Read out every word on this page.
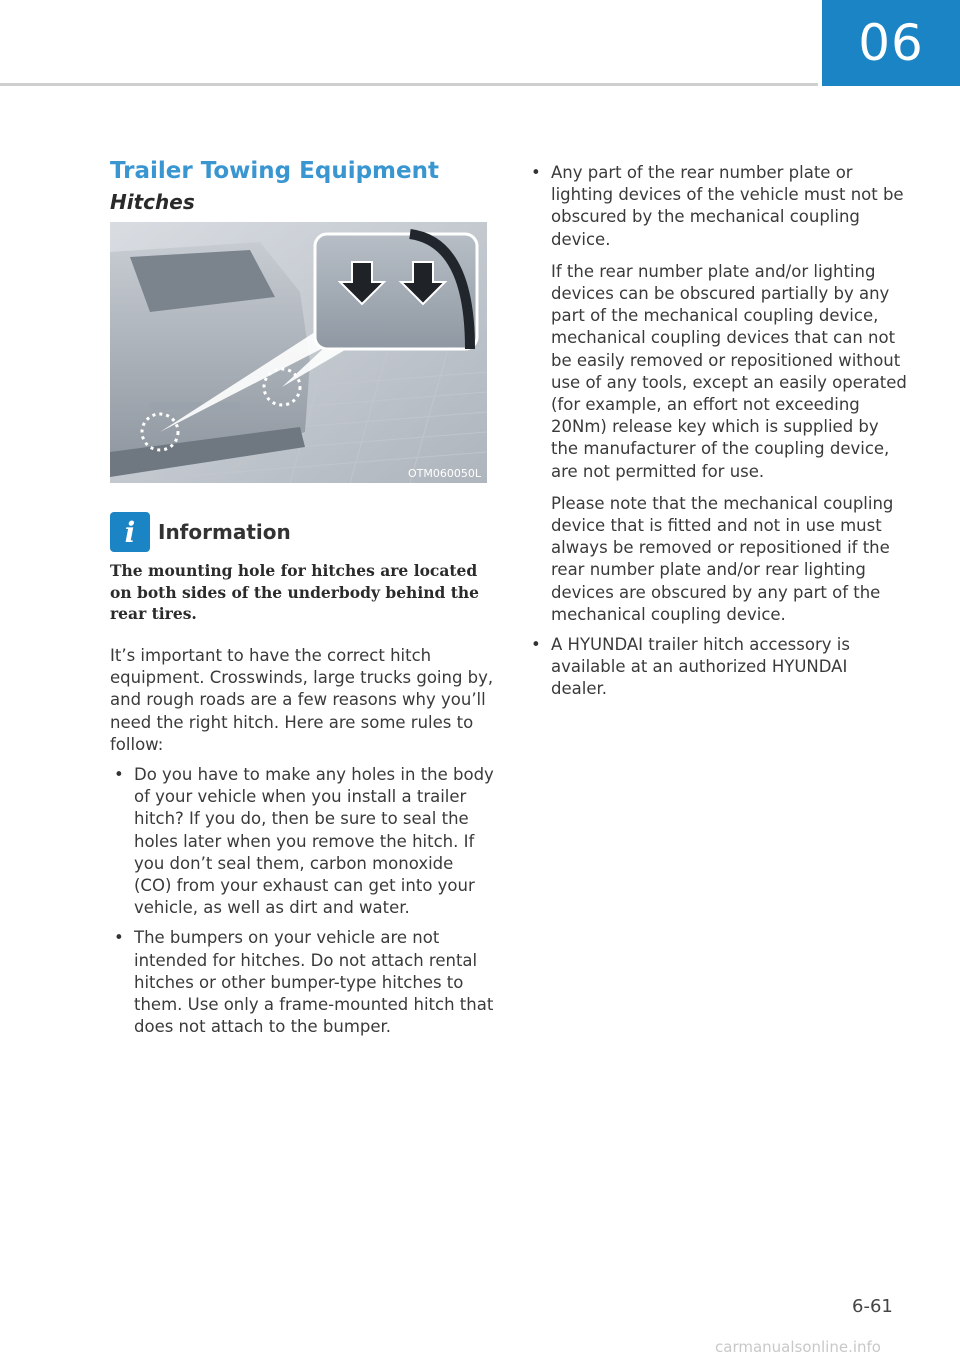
06
Trailer Towing Equipment
Hitches
OTM060050L
i	Information
The mounting hole for hitches are located on both sides of the underbody behind the rear tires.

It’s important to have the correct hitch equipment. Crosswinds, large trucks going by, and rough roads are a few reasons why you’ll need the right hitch. Here are some rules to follow:

• Do you have to make any holes in the body of your vehicle when you install a trailer hitch? If you do, then be sure to seal the holes later when you remove the hitch. If you don’t seal them, carbon monoxide (CO) from your exhaust can get into your vehicle, as well as dirt and water.

• The bumpers on your vehicle are not intended for hitches. Do not attach rental hitches or other bumper-type hitches to them. Use only a frame-mounted hitch that does not attach to the bumper.

• Any part of the rear number plate or lighting devices of the vehicle must not be obscured by the mechanical coupling device.

If the rear number plate and/or lighting devices can be obscured partially by any part of the mechanical coupling device, mechanical coupling devices that can not be easily removed or repositioned without use of any tools, except an easily operated (for example, an effort not exceeding 20Nm) release key which is supplied by the manufacturer of the coupling device, are not permitted for use.

Please note that the mechanical coupling device that is fitted and not in use must always be removed or repositioned if the rear number plate and/or rear lighting devices are obscured by any part of the mechanical coupling device.

• A HYUNDAI trailer hitch accessory is available at an authorized HYUNDAI dealer.

6-61
carmanualsonline.info
